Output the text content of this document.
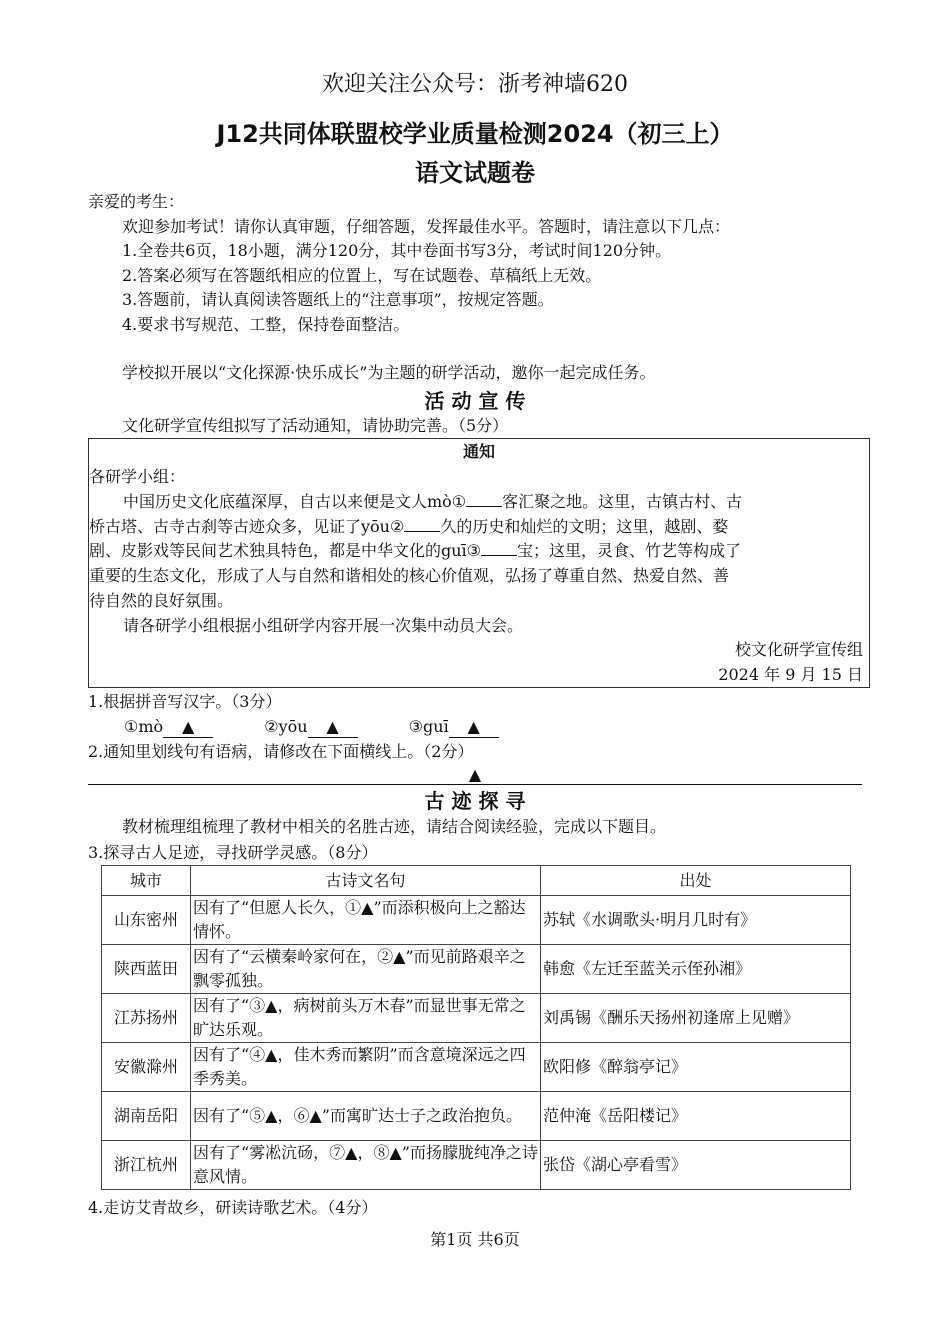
欢迎关注公众号：浙考神墙620
J12共同体联盟校学业质量检测2024（初三上）
语文试题卷
亲爱的考生：
欢迎参加考试！请你认真审题，仔细答题，发挥最佳水平。答题时，请注意以下几点：
1.全卷共6页，18小题，满分120分，其中卷面书写3分，考试时间120分钟。
2.答案必须写在答题纸相应的位置上，写在试题卷、草稿纸上无效。
3.答题前，请认真阅读答题纸上的“注意事项”，按规定答题。
4.要求书写规范、工整，保持卷面整洁。
学校拟开展以“文化探源·快乐成长”为主题的研学活动，邀你一起完成任务。
活 动 宣 传
文化研学宣传组拟写了活动通知，请协助完善。（5分）
通知
各研学小组：
中国历史文化底蕴深厚，自古以来便是文人mò① 客汇聚之地。这里，古镇古村、古
桥古塔、古寺古刹等古迹众多，见证了yōu② 久的历史和灿烂的文明；这里，越剧、婺
剧、皮影戏等民间艺术独具特色，都是中华文化的guī③ 宝；这里，灵食、竹艺等构成了
重要的生态文化，形成了人与自然和谐相处的核心价值观，弘扬了尊重自然、热爱自然、善
待自然的良好氛围。
请各研学小组根据小组研学内容开展一次集中动员大会。
校文化研学宣传组
2024 年 9 月 15 日
1.根据拼音写汉字。（3分）
①mò ▲	②yōu ▲	③guī ▲
2.通知里划线句有语病，请修改在下面横线上。（2分）
▲
古 迹 探 寻
教材梳理组梳理了教材中相关的名胜古迹，请结合阅读经验，完成以下题目。
3.探寻古人足迹，寻找研学灵感。（8分）
城市	古诗文名句	出处
山东密州	因有了“但愿人长久，①▲”而添积极向上之豁达情怀。	苏轼《水调歌头·明月几时有》
陕西蓝田	因有了“云横秦岭家何在，②▲”而见前路艰辛之飘零孤独。	韩愈《左迁至蓝关示侄孙湘》
江苏扬州	因有了“③▲，病树前头万木春”而显世事无常之旷达乐观。	刘禹锡《酬乐天扬州初逢席上见赠》
安徽滁州	因有了“④▲，佳木秀而繁阴”而含意境深远之四季秀美。	欧阳修《醉翁亭记》
湖南岳阳	因有了“⑤▲，⑥▲”而寓旷达士子之政治抱负。	范仲淹《岳阳楼记》
浙江杭州	因有了“雾凇沆砀，⑦▲，⑧▲”而扬朦胧纯净之诗意风情。	张岱《湖心亭看雪》
4.走访艾青故乡，研读诗歌艺术。（4分）
第1页 共6页
